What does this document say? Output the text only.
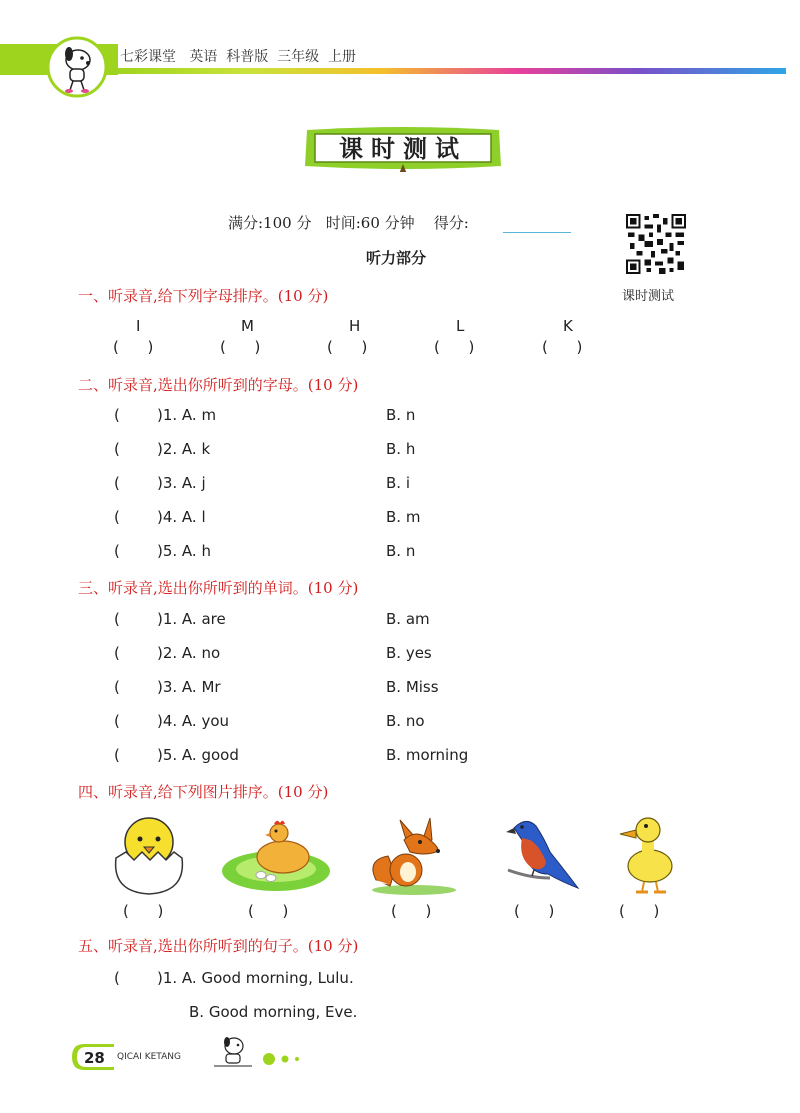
七彩课堂   英语  科普版  三年级  上册
课时测试
满分:100 分   时间:60 分钟    得分:
课时测试
听力部分
一、听录音,给下列字母排序。(10 分)
I	M	H	L	K
(      )	(      )	(      )	(      )	(      )
二、听录音,选出你所听到的字母。(10 分)
( )1. A. m	B. n
( )2. A. k	B. h
( )3. A. j	B. i
( )4. A. l	B. m
( )5. A. h	B. n
三、听录音,选出你所听到的单词。(10 分)
( )1. A. are	B. am
( )2. A. no	B. yes
( )3. A. Mr	B. Miss
( )4. A. you	B. no
( )5. A. good	B. morning
四、听录音,给下列图片排序。(10 分)
(      )	(      )	(      )	(      )	(      )
五、听录音,选出你所听到的句子。(10 分)
( )1. A. Good morning, Lulu.
B. Good morning, Eve.
28 QICAI KETANG
